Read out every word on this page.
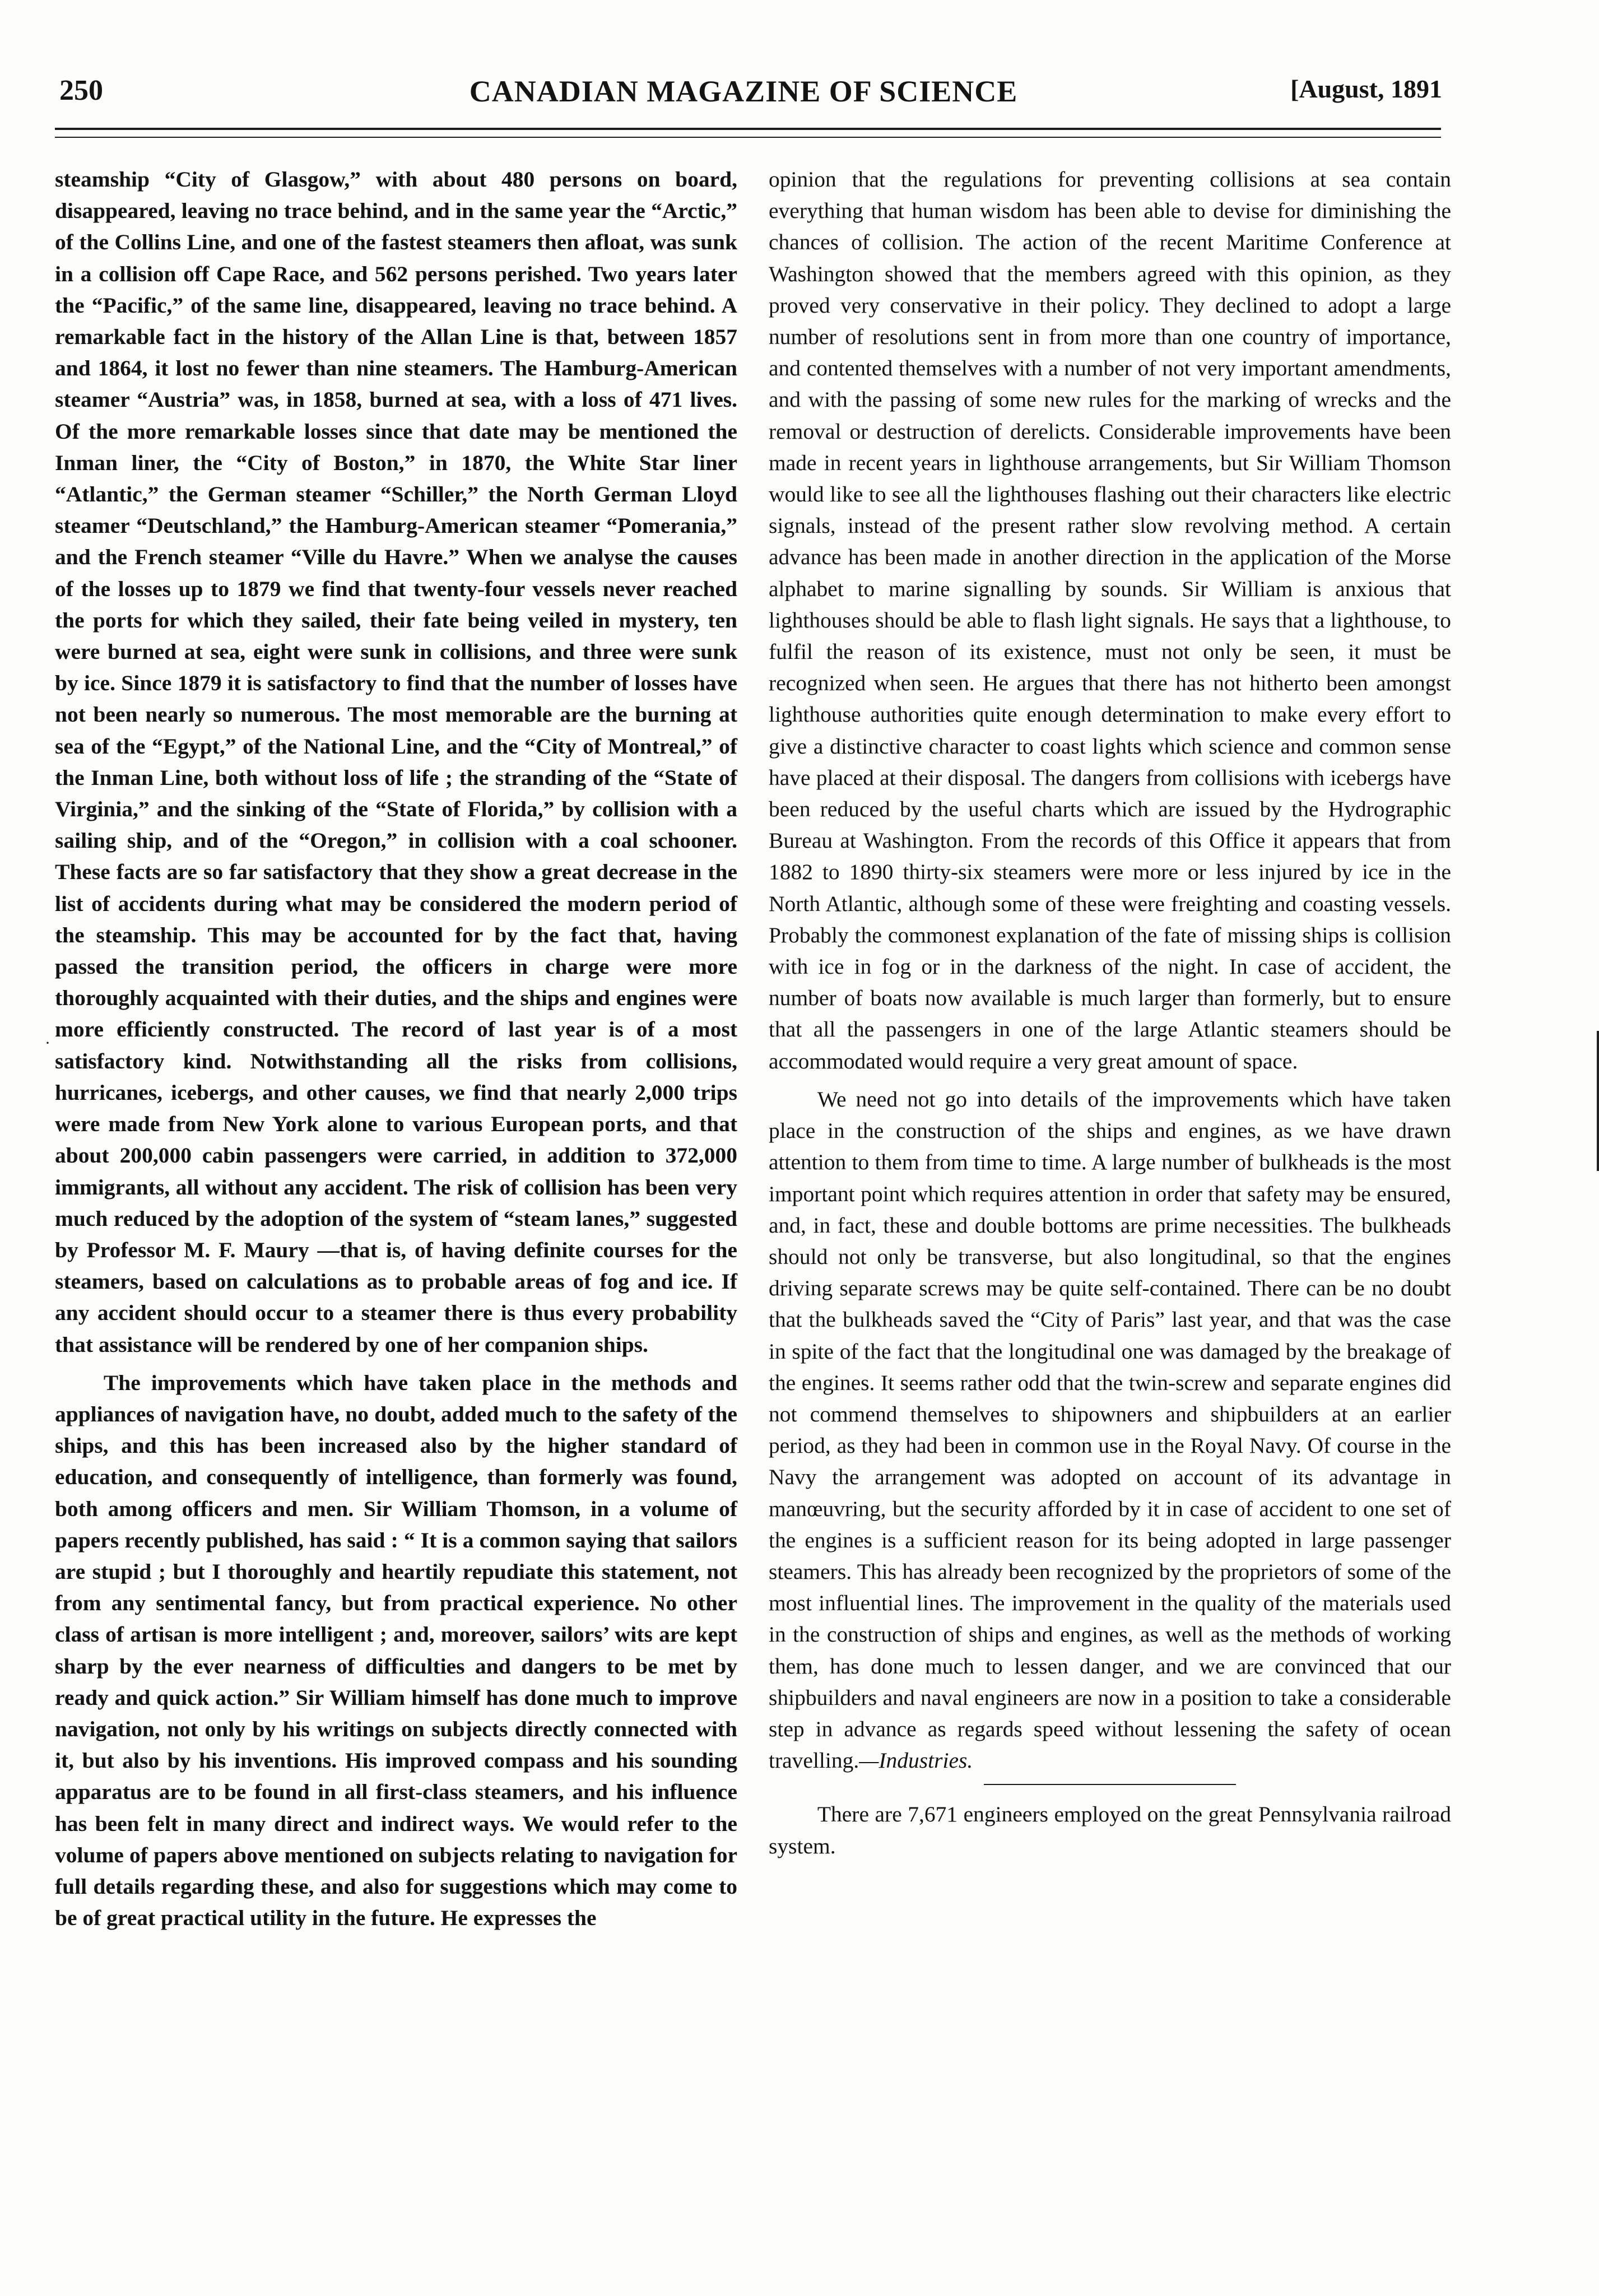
250	CANADIAN MAGAZINE OF SCIENCE	[August, 1891

steamship “City of Glasgow,” with about 480 persons on board, disappeared, leaving no trace behind, and in the same year the “Arctic,” of the Collins Line, and one of the fastest steamers then afloat, was sunk in a collision off Cape Race, and 562 persons perished. Two years later the “Pacific,” of the same line, disappeared, leaving no trace behind. A remarkable fact in the history of the Allan Line is that, between 1857 and 1864, it lost no fewer than nine steamers. The Hamburg-American steamer “Austria” was, in 1858, burned at sea, with a loss of 471 lives. Of the more remarkable losses since that date may be mentioned the Inman liner, the “City of Boston,” in 1870, the White Star liner “Atlantic,” the German steamer “Schiller,” the North German Lloyd steamer “Deutschland,” the Hamburg-American steamer “Pomerania,” and the French steamer “Ville du Havre.” When we analyse the causes of the losses up to 1879 we find that twenty-four vessels never reached the ports for which they sailed, their fate being veiled in mystery, ten were burned at sea, eight were sunk in collisions, and three were sunk by ice. Since 1879 it is satisfactory to find that the number of losses have not been nearly so numerous. The most memorable are the burning at sea of the “Egypt,” of the National Line, and the “City of Montreal,” of the Inman Line, both without loss of life ; the stranding of the “State of Virginia,” and the sinking of the “State of Florida,” by collision with a sailing ship, and of the “Oregon,” in collision with a coal schooner. These facts are so far satisfactory that they show a great decrease in the list of accidents during what may be considered the modern period of the steamship. This may be accounted for by the fact that, having passed the transition period, the officers in charge were more thoroughly acquainted with their duties, and the ships and engines were more efficiently constructed. The record of last year is of a most satisfactory kind. Notwithstanding all the risks from collisions, hurricanes, icebergs, and other causes, we find that nearly 2,000 trips were made from New York alone to various European ports, and that about 200,000 cabin passengers were carried, in addition to 372,000 immigrants, all without any accident. The risk of collision has been very much reduced by the adoption of the system of “steam lanes,” suggested by Professor M. F. Maury —that is, of having definite courses for the steamers, based on calculations as to probable areas of fog and ice. If any accident should occur to a steamer there is thus every probability that assistance will be rendered by one of her companion ships.

The improvements which have taken place in the methods and appliances of navigation have, no doubt, added much to the safety of the ships, and this has been increased also by the higher standard of education, and consequently of intelligence, than formerly was found, both among officers and men. Sir William Thomson, in a volume of papers recently published, has said : “ It is a common saying that sailors are stupid ; but I thoroughly and heartily repudiate this statement, not from any sentimental fancy, but from practical experience. No other class of artisan is more intelligent ; and, moreover, sailors’ wits are kept sharp by the ever nearness of difficulties and dangers to be met by ready and quick action.” Sir William himself has done much to improve navigation, not only by his writings on subjects directly connected with it, but also by his inventions. His improved compass and his sounding apparatus are to be found in all first-class steamers, and his influence has been felt in many direct and indirect ways. We would refer to the volume of papers above mentioned on subjects relating to navigation for full details regarding these, and also for suggestions which may come to be of great practical utility in the future. He expresses the

opinion that the regulations for preventing collisions at sea contain everything that human wisdom has been able to devise for diminishing the chances of collision. The action of the recent Maritime Conference at Washington showed that the members agreed with this opinion, as they proved very conservative in their policy. They declined to adopt a large number of resolutions sent in from more than one country of importance, and contented themselves with a number of not very important amendments, and with the passing of some new rules for the marking of wrecks and the removal or destruction of derelicts. Considerable improvements have been made in recent years in lighthouse arrangements, but Sir William Thomson would like to see all the lighthouses flashing out their characters like electric signals, instead of the present rather slow revolving method. A certain advance has been made in another direction in the application of the Morse alphabet to marine signalling by sounds. Sir William is anxious that lighthouses should be able to flash light signals. He says that a lighthouse, to fulfil the reason of its existence, must not only be seen, it must be recognized when seen. He argues that there has not hitherto been amongst lighthouse authorities quite enough determination to make every effort to give a distinctive character to coast lights which science and common sense have placed at their disposal. The dangers from collisions with icebergs have been reduced by the useful charts which are issued by the Hydrographic Bureau at Washington. From the records of this Office it appears that from 1882 to 1890 thirty-six steamers were more or less injured by ice in the North Atlantic, although some of these were freighting and coasting vessels. Probably the commonest explanation of the fate of missing ships is collision with ice in fog or in the darkness of the night. In case of accident, the number of boats now available is much larger than formerly, but to ensure that all the passengers in one of the large Atlantic steamers should be accommodated would require a very great amount of space.

We need not go into details of the improvements which have taken place in the construction of the ships and engines, as we have drawn attention to them from time to time. A large number of bulkheads is the most important point which requires attention in order that safety may be ensured, and, in fact, these and double bottoms are prime necessities. The bulkheads should not only be transverse, but also longitudinal, so that the engines driving separate screws may be quite self-contained. There can be no doubt that the bulkheads saved the “City of Paris” last year, and that was the case in spite of the fact that the longitudinal one was damaged by the breakage of the engines. It seems rather odd that the twin-screw and separate engines did not commend themselves to shipowners and shipbuilders at an earlier period, as they had been in common use in the Royal Navy. Of course in the Navy the arrangement was adopted on account of its advantage in manœuvring, but the security afforded by it in case of accident to one set of the engines is a sufficient reason for its being adopted in large passenger steamers. This has already been recognized by the proprietors of some of the most influential lines. The improvement in the quality of the materials used in the construction of ships and engines, as well as the methods of working them, has done much to lessen danger, and we are convinced that our shipbuilders and naval engineers are now in a position to take a considerable step in advance as regards speed without lessening the safety of ocean travelling.—Industries.

There are 7,671 engineers employed on the great Pennsylvania railroad system.

·
